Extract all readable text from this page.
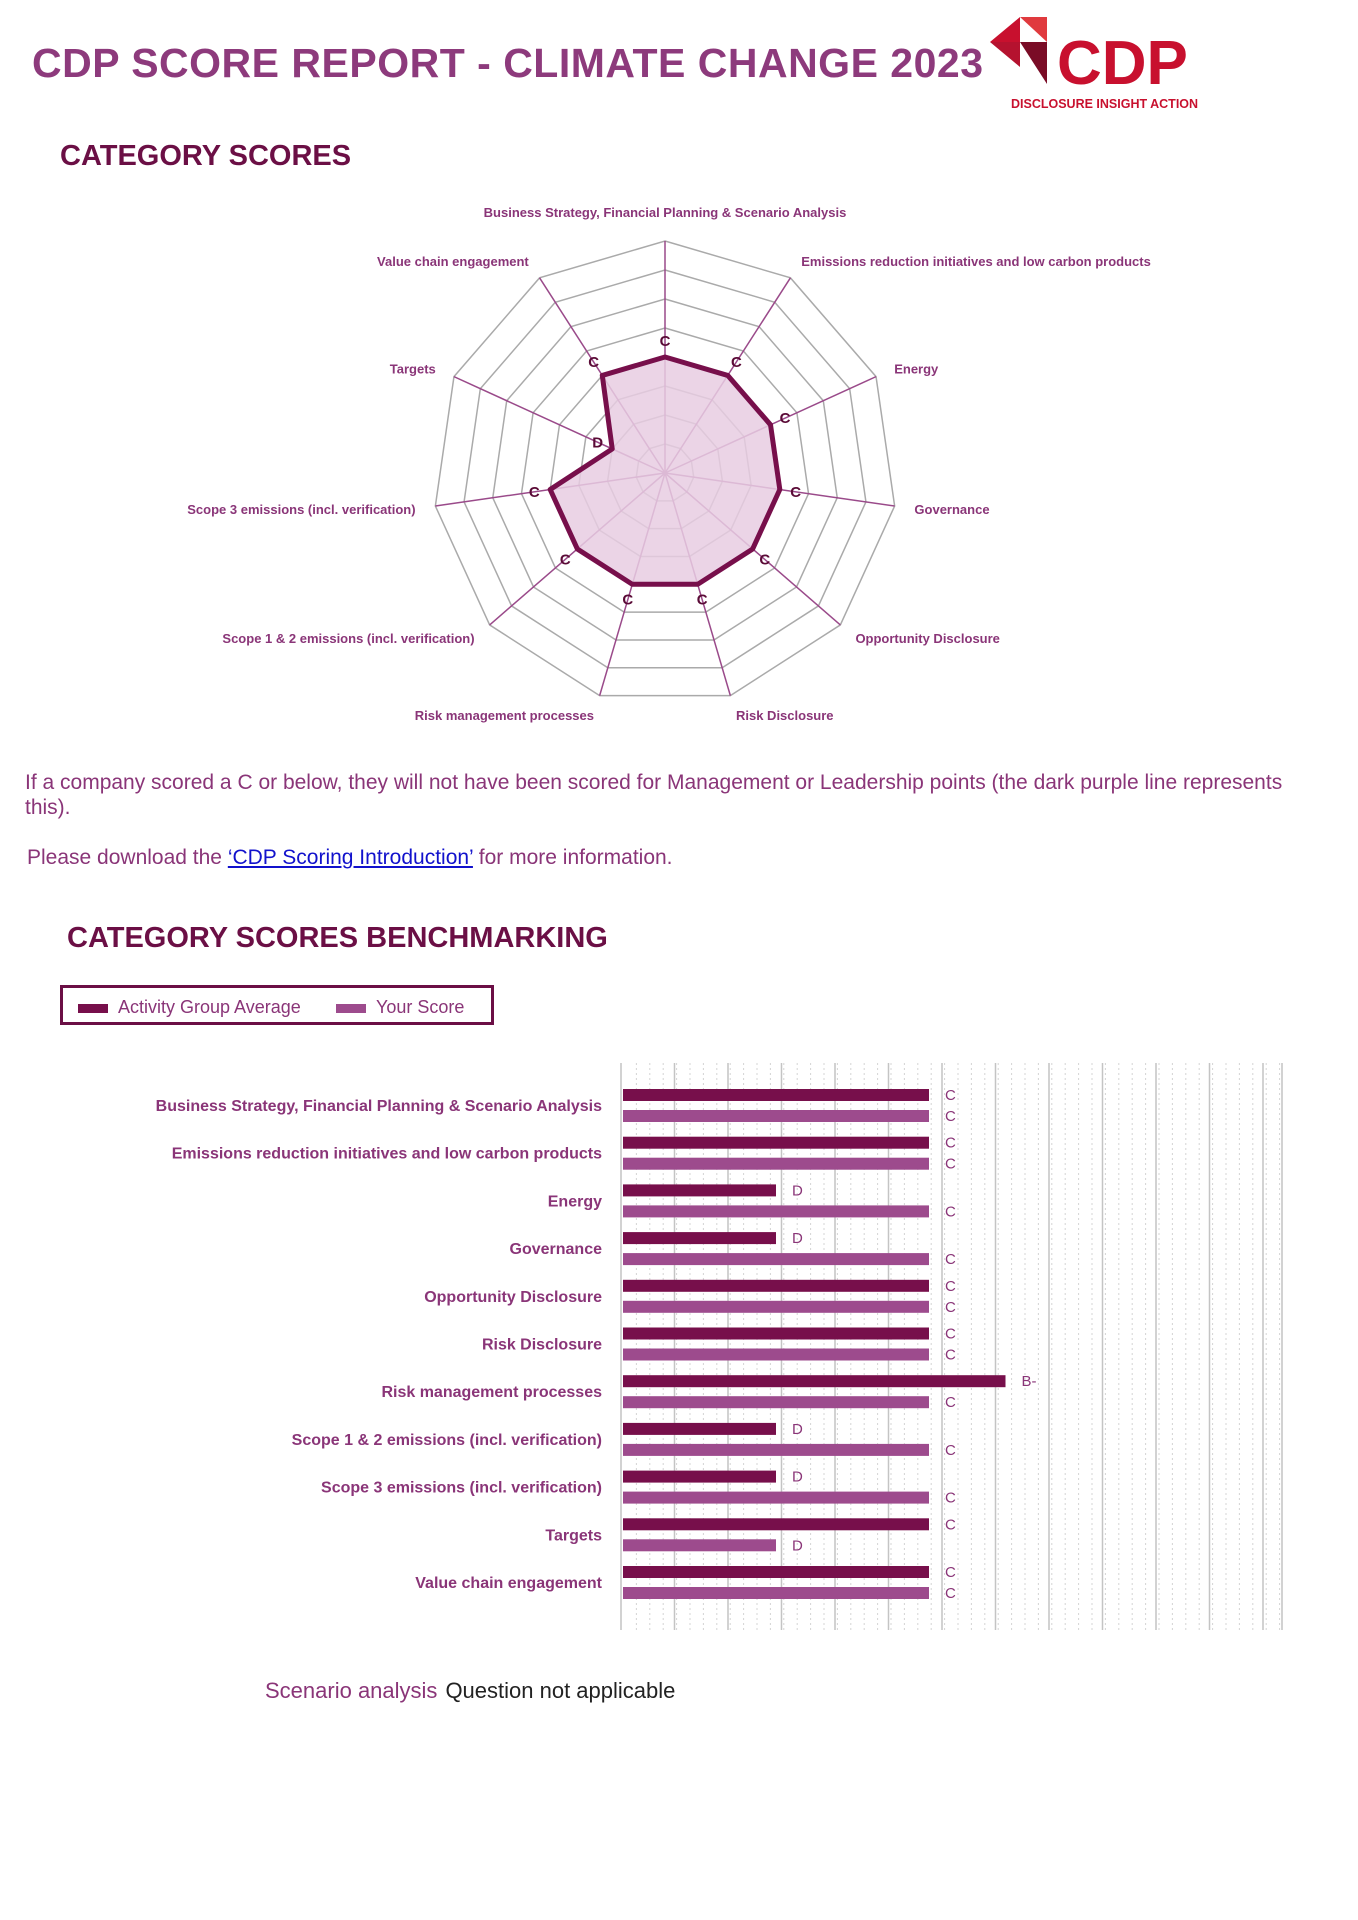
CDP SCORE REPORT - CLIMATE CHANGE 2023 CDP
DISCLOSURE INSIGHT ACTION
CATEGORY SCORES
C
C
C
C
C
C
C
C
C
D
C
Business Strategy, Financial Planning & Scenario Analysis
Emissions reduction initiatives and low carbon products
Energy
Governance
Opportunity Disclosure
Risk Disclosure
Risk management processes
Scope 1 & 2 emissions (incl. verification)
Scope 3 emissions (incl. verification)
Targets
Value chain engagement
If a company scored a C or below, they will not have been scored for Management or Leadership points (the dark purple line represents this).
Please download the ‘CDP Scoring Introduction’ for more information.
CATEGORY SCORES BENCHMARKING
Activity Group Average	Your Score
Business Strategy, Financial Planning & Scenario Analysis
C
C
Emissions reduction initiatives and low carbon products
C
C
Energy
D
C
Governance
D
C
Opportunity Disclosure
C
C
Risk Disclosure
C
C
Risk management processes
B-
C
Scope 1 & 2 emissions (incl. verification)
D
C
Scope 3 emissions (incl. verification)
D
C
Targets
C
D
Value chain engagement
C
C
Scenario analysis Question not applicable
